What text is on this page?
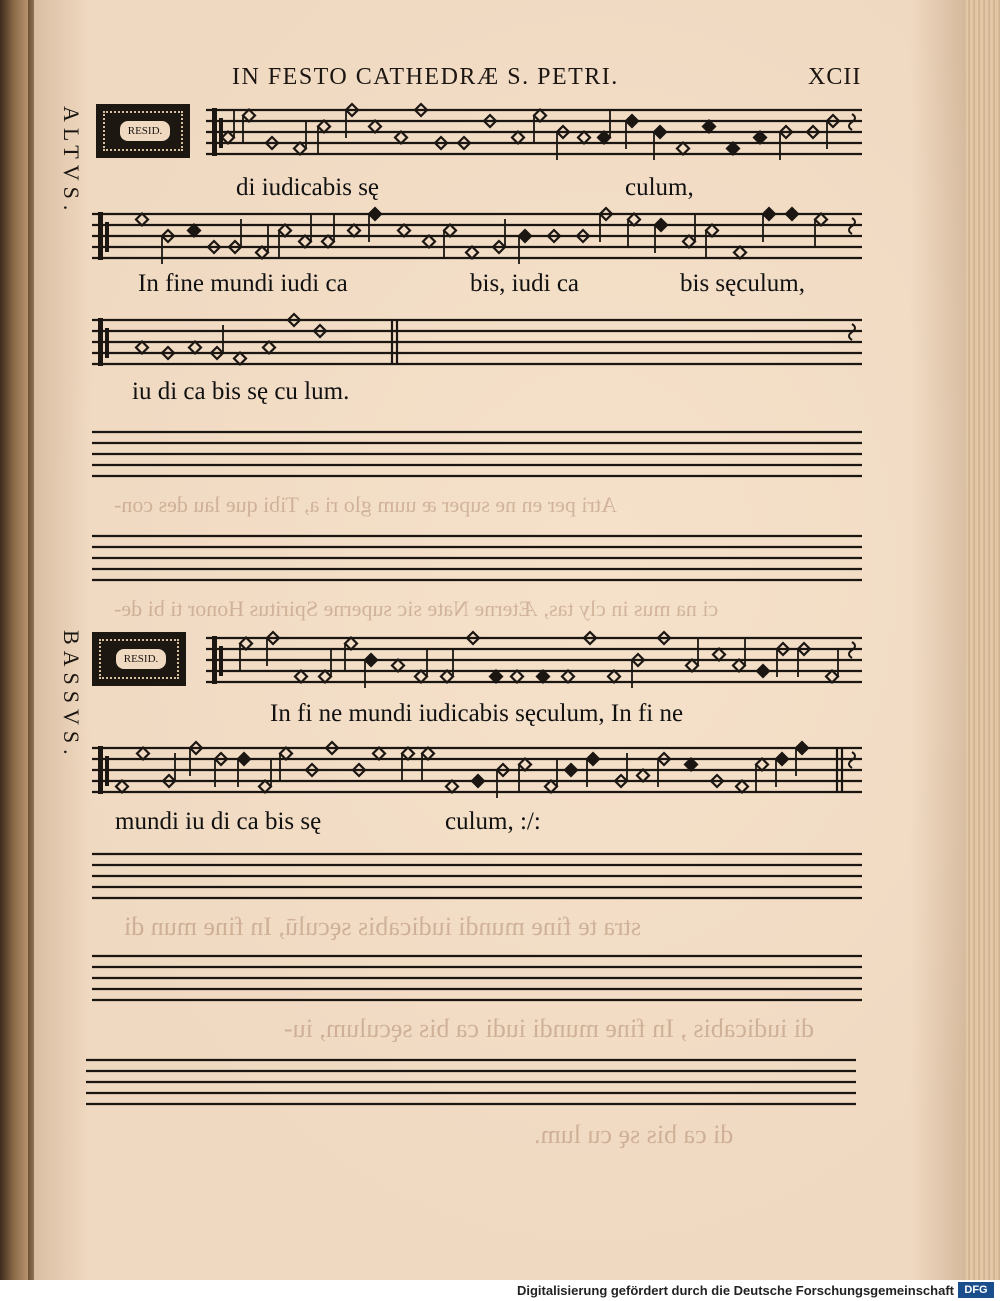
Atri per en ne super æ uum glo ri a, Tibi que lau des con-
ci na mus in cly tas, Æterne Nate sic superne Spiritus Honor ti bi de-
stra te fine mundi iudicabis sęculū, In fine mun di
di iudicabis , In fine mundi iudi ca bis sęculum, iu-
di ca bis sę cu lum.
IN FESTO CATHEDRÆ S. PETRI.	XCII
ALTVS.
BASSVS.
RESID.
RESID.
di iudicabis sę	culum,
In fine mundi iudi ca	bis, iudi ca	bis sęculum,
iu di ca bis sę cu lum.
In fi ne mundi iudicabis sęculum, In fi ne
mundi iu di ca bis sę	culum, :/:
Digitalisierung gefördert durch die Deutsche Forschungsgemeinschaft DFG
